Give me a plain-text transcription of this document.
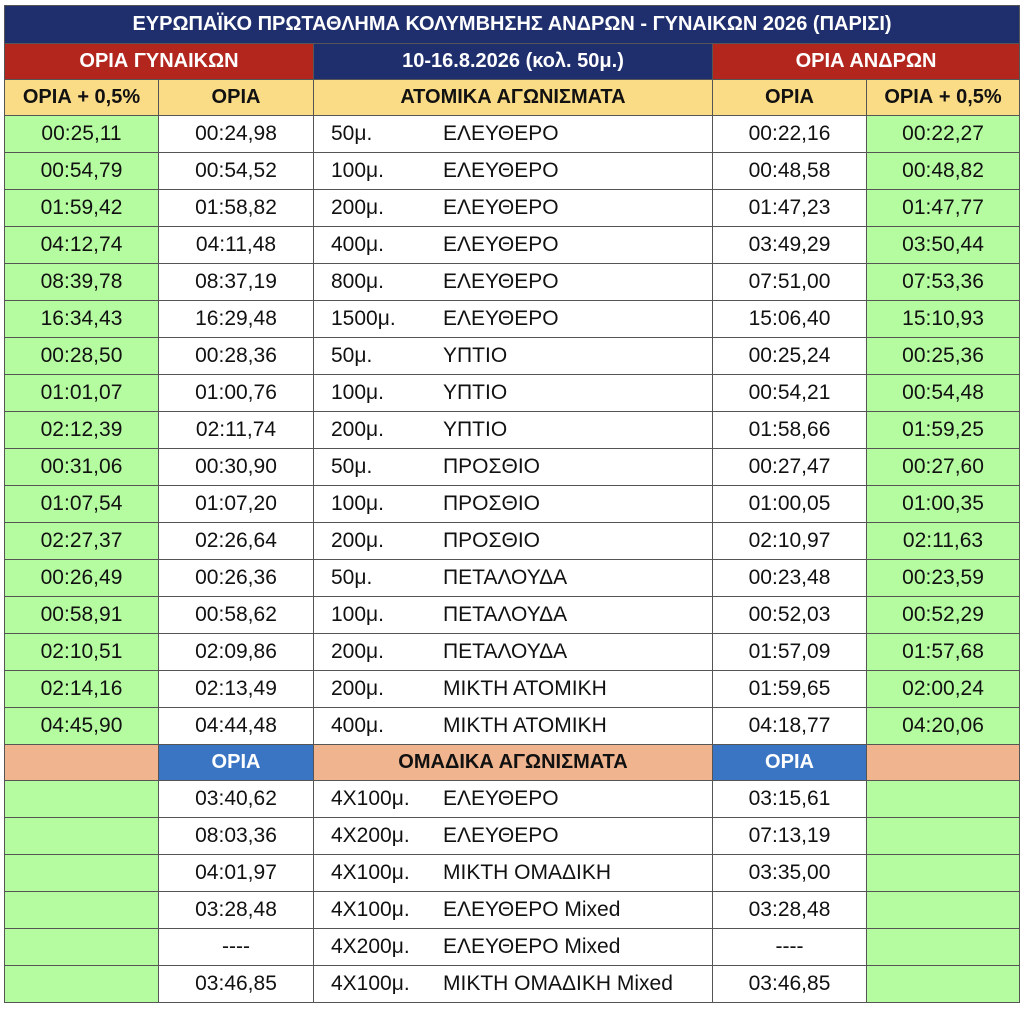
ΕΥΡΩΠΑΪΚΟ ΠΡΩΤΑΘΛΗΜΑ ΚΟΛΥΜΒΗΣΗΣ ΑΝΔΡΩΝ - ΓΥΝΑΙΚΩΝ 2026 (ΠΑΡΙΣΙ)				
ΟΡΙΑ ΓΥΝΑΙΚΩΝ		10-16.8.2026 (κολ. 50μ.)	ΟΡΙΑ ΑΝΔΡΩΝ	
ΟΡΙΑ + 0,5%	ΟΡΙΑ	ΑΤΟΜΙΚΑ ΑΓΩΝΙΣΜΑΤΑ	ΟΡΙΑ	ΟΡΙΑ + 0,5%
00:25,11	00:24,98	50μ. ΕΛΕΥΘΕΡΟ	00:22,16	00:22,27
00:54,79	00:54,52	100μ. ΕΛΕΥΘΕΡΟ	00:48,58	00:48,82
01:59,42	01:58,82	200μ. ΕΛΕΥΘΕΡΟ	01:47,23	01:47,77
04:12,74	04:11,48	400μ. ΕΛΕΥΘΕΡΟ	03:49,29	03:50,44
08:39,78	08:37,19	800μ. ΕΛΕΥΘΕΡΟ	07:51,00	07:53,36
16:34,43	16:29,48	1500μ. ΕΛΕΥΘΕΡΟ	15:06,40	15:10,93
00:28,50	00:28,36	50μ. ΥΠΤΙΟ	00:25,24	00:25,36
01:01,07	01:00,76	100μ. ΥΠΤΙΟ	00:54,21	00:54,48
02:12,39	02:11,74	200μ. ΥΠΤΙΟ	01:58,66	01:59,25
00:31,06	00:30,90	50μ. ΠΡΟΣΘΙΟ	00:27,47	00:27,60
01:07,54	01:07,20	100μ. ΠΡΟΣΘΙΟ	01:00,05	01:00,35
02:27,37	02:26,64	200μ. ΠΡΟΣΘΙΟ	02:10,97	02:11,63
00:26,49	00:26,36	50μ. ΠΕΤΑΛΟΥΔΑ	00:23,48	00:23,59
00:58,91	00:58,62	100μ. ΠΕΤΑΛΟΥΔΑ	00:52,03	00:52,29
02:10,51	02:09,86	200μ. ΠΕΤΑΛΟΥΔΑ	01:57,09	01:57,68
02:14,16	02:13,49	200μ. ΜΙΚΤΗ ΑΤΟΜΙΚΗ	01:59,65	02:00,24
04:45,90	04:44,48	400μ. ΜΙΚΤΗ ΑΤΟΜΙΚΗ	04:18,77	04:20,06
	ΟΡΙΑ	ΟΜΑΔΙΚΑ ΑΓΩΝΙΣΜΑΤΑ	ΟΡΙΑ	
	03:40,62	4Χ100μ. ΕΛΕΥΘΕΡΟ	03:15,61	
	08:03,36	4Χ200μ. ΕΛΕΥΘΕΡΟ	07:13,19	
	04:01,97	4Χ100μ. ΜΙΚΤΗ ΟΜΑΔΙΚΗ	03:35,00	
	03:28,48	4Χ100μ. ΕΛΕΥΘΕΡΟ Mixed	03:28,48	
	----	4Χ200μ. ΕΛΕΥΘΕΡΟ Mixed	----	
	03:46,85	4Χ100μ. ΜΙΚΤΗ ΟΜΑΔΙΚΗ Mixed	03:46,85	
